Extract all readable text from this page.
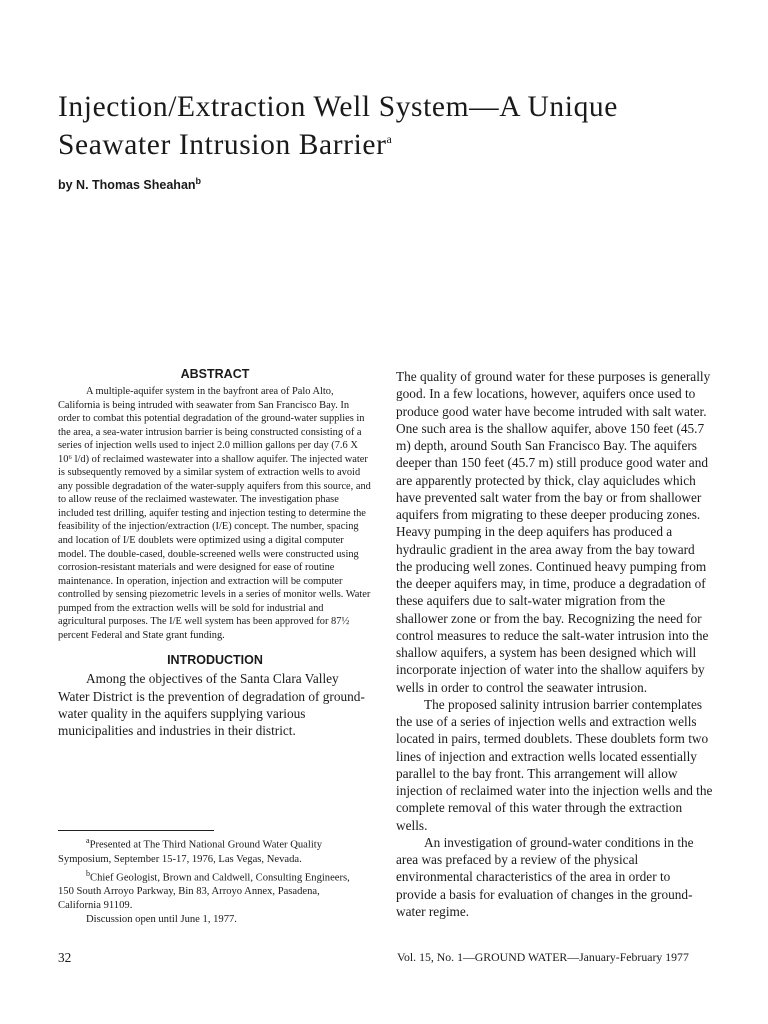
Injection/Extraction Well System—A Unique
Seawater Intrusion Barrier$^a$
by N. Thomas Sheahan$^b$
ABSTRACT

A multiple-aquifer system in the bayfront area of Palo Alto, California is being intruded with seawater from San Francisco Bay. In order to combat this potential degradation of the ground-water supplies in the area, a sea-water intrusion barrier is being constructed consisting of a series of injection wells used to inject 2.0 million gallons per day (7.6 X 10⁶ l/d) of reclaimed wastewater into a shallow aquifer. The injected water is subsequently removed by a similar system of extraction wells to avoid any possible degradation of the water-supply aquifers from this source, and to allow reuse of the reclaimed wastewater. The investigation phase included test drilling, aquifer testing and injection testing to determine the feasibility of the injection/extraction (I/E) concept. The number, spacing and location of I/E doublets were optimized using a digital computer model. The double-cased, double-screened wells were constructed using corrosion-resistant materials and were designed for ease of routine maintenance. In operation, injection and extraction will be computer controlled by sensing piezometric levels in a series of monitor wells. Water pumped from the extraction wells will be sold for industrial and agricultural purposes. The I/E well system has been approved for 87½ percent Federal and State grant funding.

INTRODUCTION

Among the objectives of the Santa Clara Valley Water District is the prevention of degradation of ground-water quality in the aquifers supplying various municipalities and industries in their district.

The quality of ground water for these purposes is generally good. In a few locations, however, aquifers once used to produce good water have become intruded with salt water. One such area is the shallow aquifer, above 150 feet (45.7 m) depth, around South San Francisco Bay. The aquifers deeper than 150 feet (45.7 m) still produce good water and are apparently protected by thick, clay aquicludes which have prevented salt water from the bay or from shallower aquifers from migrating to these deeper producing zones. Heavy pumping in the deep aquifers has produced a hydraulic gradient in the area away from the bay toward the producing well zones. Continued heavy pumping from the deeper aquifers may, in time, produce a degradation of these aquifers due to salt-water migration from the shallower zone or from the bay. Recognizing the need for control measures to reduce the salt-water intrusion into the shallow aquifers, a system has been designed which will incorporate injection of water into the shallow aquifers by wells in order to control the seawater intrusion.

The proposed salinity intrusion barrier contemplates the use of a series of injection wells and extraction wells located in pairs, termed doublets. These doublets form two lines of injection and extraction wells located essentially parallel to the bay front. This arrangement will allow injection of reclaimed water into the injection wells and the complete removal of this water through the extraction wells.

An investigation of ground-water conditions in the area was prefaced by a review of the physical environmental characteristics of the area in order to provide a basis for evaluation of changes in the ground-water regime.

$^a$Presented at The Third National Ground Water Quality Symposium, September 15-17, 1976, Las Vegas, Nevada.

$^b$Chief Geologist, Brown and Caldwell, Consulting Engineers, 150 South Arroyo Parkway, Bin 83, Arroyo Annex, Pasadena, California 91109.

Discussion open until June 1, 1977.

32	Vol. 15, No. 1—GROUND WATER—January-February 1977
